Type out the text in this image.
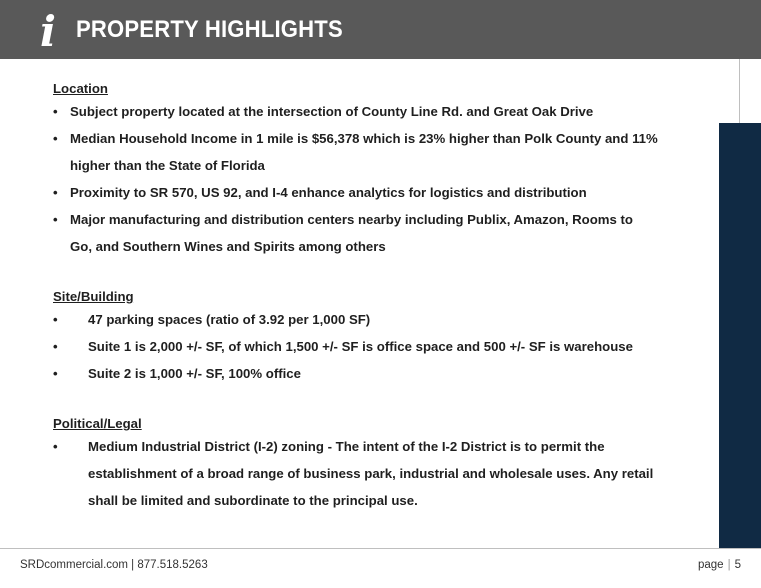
i PROPERTY HIGHLIGHTS
Location
• Subject property located at the intersection of County Line Rd. and Great Oak Drive
• Median Household Income in 1 mile is $56,378 which is 23% higher than Polk County and 11%
higher than the State of Florida
• Proximity to SR 570, US 92, and I-4 enhance analytics for logistics and distribution
• Major manufacturing and distribution centers nearby including Publix, Amazon, Rooms to
Go, and Southern Wines and Spirits among others
Site/Building
• 47 parking spaces (ratio of 3.92 per 1,000 SF)
• Suite 1 is 2,000 +/- SF, of which 1,500 +/- SF is office space and 500 +/- SF is warehouse
• Suite 2 is 1,000 +/- SF, 100% office
Political/Legal
• Medium Industrial District (I-2) zoning - The intent of the I-2 District is to permit the
establishment of a broad range of business park, industrial and wholesale uses. Any retail
shall be limited and subordinate to the principal use.
SRDcommercial.com | 877.518.5263	page | 5
